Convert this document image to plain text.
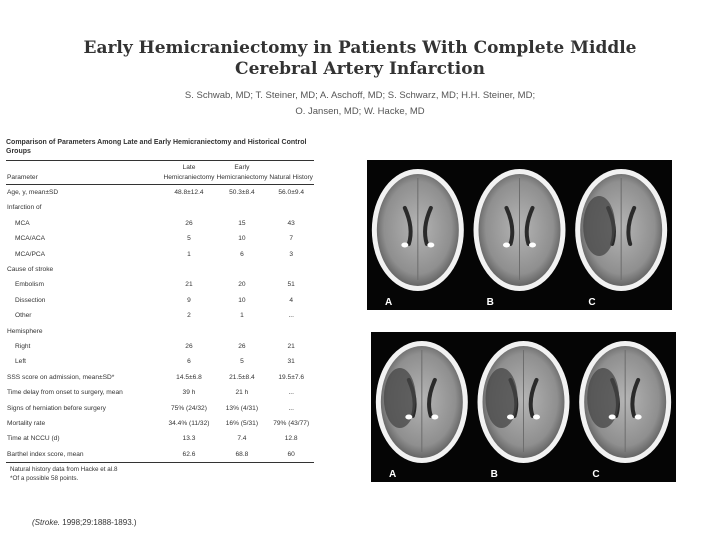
Early Hemicraniectomy in Patients With Complete Middle
Cerebral Artery Infarction
S. Schwab, MD; T. Steiner, MD; A. Aschoff, MD; S. Schwarz, MD; H.H. Steiner, MD;
O. Jansen, MD; W. Hacke, MD
Comparison of Parameters Among Late and Early Hemicraniectomy and Historical Control Groups
Parameter	Late Hemicraniectomy	Early Hemicraniectomy	Natural History
Age, y, mean±SD	48.8±12.4	50.3±8.4	56.0±9.4
Infarction of			
MCA	26	15	43
MCA/ACA	5	10	7
MCA/PCA	1	6	3
Cause of stroke			
Embolism	21	20	51
Dissection	9	10	4
Other	2	1	...
Hemisphere			
Right	26	26	21
Left	6	5	31
SSS score on admission, mean±SD*	14.5±6.8	21.5±8.4	19.5±7.6
Time delay from onset to surgery, mean	39 h	21 h	...
Signs of herniation before surgery	75% (24/32)	13% (4/31)	...
Mortality rate	34.4% (11/32)	16% (5/31)	79% (43/77)
Time at NCCU (d)	13.3	7.4	12.8
Barthel index score, mean	62.6	68.8	60
Natural history data from Hacke et al.8
*Of a possible 58 points.
(Stroke. 1998;29:1888-1893.)
A	B	C
A	B	C
